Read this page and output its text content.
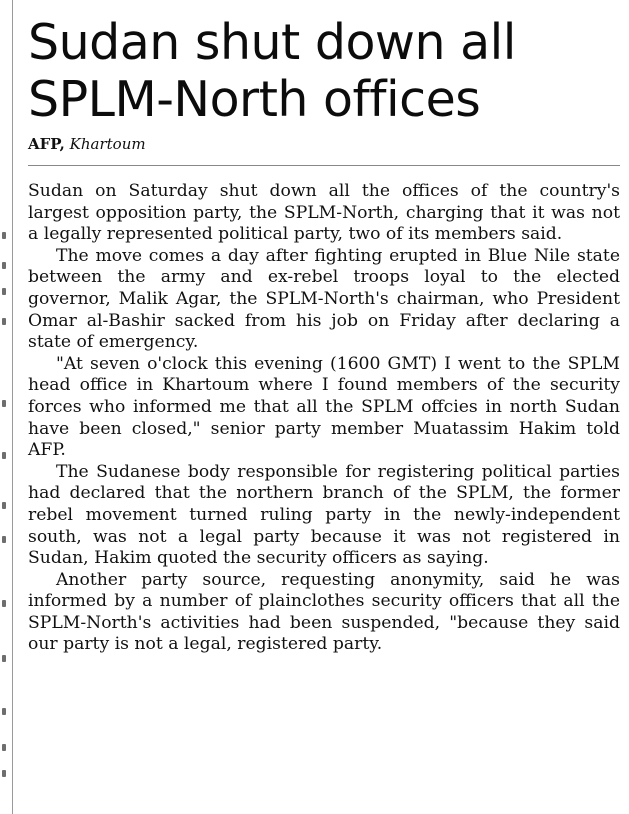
Sudan shut down all
SPLM-North offices
AFP, Khartoum

Sudan on Saturday shut down all the offices of the country's largest opposition party, the SPLM-North, charging that it was not a legally represented political party, two of its members said.

The move comes a day after fighting erupted in Blue Nile state between the army and ex-rebel troops loyal to the elected governor, Malik Agar, the SPLM-North's chairman, who President Omar al-Bashir sacked from his job on Friday after declaring a state of emergency.

"At seven o'clock this evening (1600 GMT) I went to the SPLM head office in Khartoum where I found members of the security forces who informed me that all the SPLM offcies in north Sudan have been closed," senior party member Muatassim Hakim told AFP.

The Sudanese body responsible for registering political parties had declared that the northern branch of the SPLM, the former rebel movement turned ruling party in the newly-independent south, was not a legal party because it was not registered in Sudan, Hakim quoted the security officers as saying.

Another party source, requesting anonymity, said he was informed by a number of plainclothes security officers that all the SPLM-North's activities had been suspended, "because they said our party is not a legal, registered party.
